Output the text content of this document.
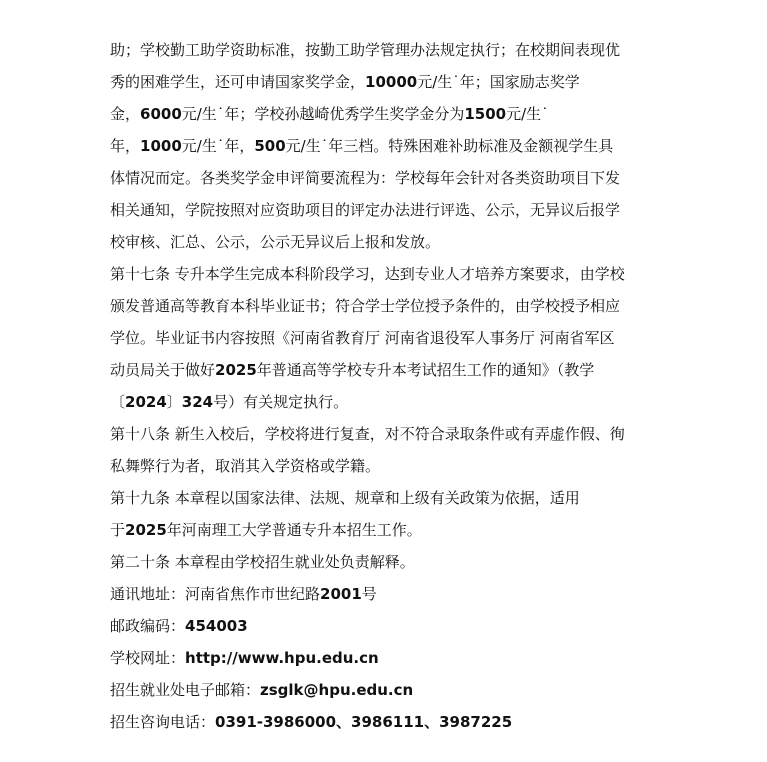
助；学校勤工助学资助标准，按勤工助学管理办法规定执行；在校期间表现优
秀的困难学生，还可申请国家奖学金，10000元/生˙年；国家励志奖学
金，6000元/生˙年；学校孙越崎优秀学生奖学金分为1500元/生˙
年，1000元/生˙年，500元/生˙年三档。特殊困难补助标准及金额视学生具
体情况而定。各类奖学金申评简要流程为：学校每年会针对各类资助项目下发
相关通知，学院按照对应资助项目的评定办法进行评选、公示，无异议后报学
校审核、汇总、公示，公示无异议后上报和发放。
第十七条 专升本学生完成本科阶段学习，达到专业人才培养方案要求，由学校
颁发普通高等教育本科毕业证书；符合学士学位授予条件的，由学校授予相应
学位。毕业证书内容按照《河南省教育厅 河南省退役军人事务厅 河南省军区
动员局关于做好2025年普通高等学校专升本考试招生工作的通知》（教学
〔2024〕324号）有关规定执行。
第十八条 新生入校后，学校将进行复查，对不符合录取条件或有弄虚作假、徇
私舞弊行为者，取消其入学资格或学籍。
第十九条 本章程以国家法律、法规、规章和上级有关政策为依据，适用
于2025年河南理工大学普通专升本招生工作。
第二十条 本章程由学校招生就业处负责解释。
通讯地址：河南省焦作市世纪路2001号
邮政编码：454003
学校网址：http://www.hpu.edu.cn
招生就业处电子邮箱：zsglk@hpu.edu.cn
招生咨询电话：0391-3986000、3986111、3987225
